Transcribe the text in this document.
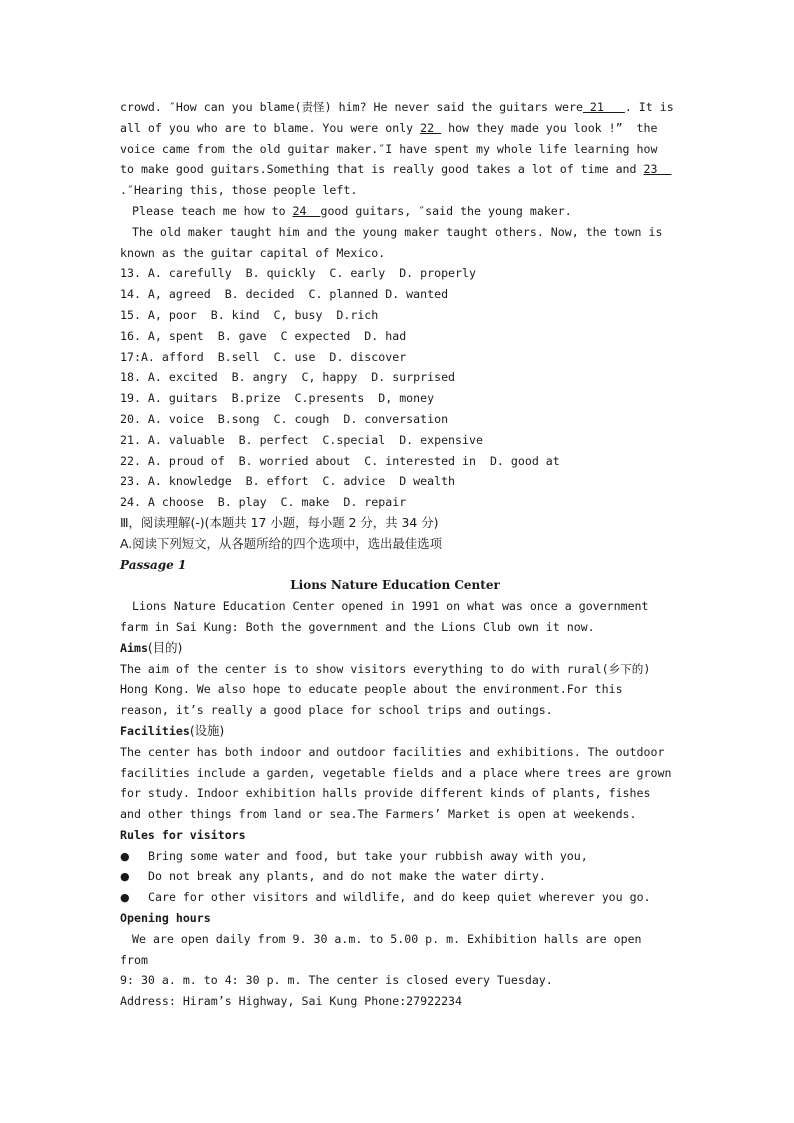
crowd. ″How can you blame(责怪) him? He never said the guitars were 21   . It is
all of you who are to blame. You were only 22  how they made you look !”  the
voice came from the old guitar maker.″I have spent my whole life learning how
to make good guitars.Something that is really good takes a lot of time and 23
.″Hearing this, those people left.
Please teach me how to 24  good guitars, ″said the young maker.
The old maker taught him and the young maker taught others. Now, the town is
known as the guitar capital of Mexico.
13. A. carefully  B. quickly  C. early  D. properly
14. A, agreed  B. decided  C. planned D. wanted
15. A, poor  B. kind  C, busy  D.rich
16. A, spent  B. gave  C expected  D. had
17:A. afford  B.sell  C. use  D. discover
18. A. excited  B. angry  C, happy  D. surprised
19. A. guitars  B.prize  C.presents  D, money
20. A. voice  B.song  C. cough  D. conversation
21. A. valuable  B. perfect  C.special  D. expensive
22. A. proud of  B. worried about  C. interested in  D. good at
23. A. knowledge  B. effort  C. advice  D wealth
24. A choose  B. play  C. make  D. repair
Ⅲ，阅读理解(-)(本题共 17 小题，每小题 2 分，共 34 分)
A.阅读下列短文，从各题所给的四个选项中，选出最佳选项
Passage 1
Lions Nature Education Center
Lions Nature Education Center opened in 1991 on what was once a government
farm in Sai Kung: Both the government and the Lions Club own it now.
Aims(目的)
The aim of the center is to show visitors everything to do with rural(乡下的)
Hong Kong. We also hope to educate people about the environment.For this
reason, it’s really a good place for school trips and outings.
Facilities(设施)
The center has both indoor and outdoor facilities and exhibitions. The outdoor
facilities include a garden, vegetable fields and a place where trees are grown
for study. Indoor exhibition halls provide different kinds of plants, fishes
and other things from land or sea.The Farmers’ Market is open at weekends.
Rules for visitors
● Bring some water and food, but take your rubbish away with you,
● Do not break any plants, and do not make the water dirty.
● Care for other visitors and wildlife, and do keep quiet wherever you go.
Opening hours
We are open daily from 9. 30 a.m. to 5.00 p. m. Exhibition halls are open
from
9: 30 a. m. to 4: 30 p. m. The center is closed every Tuesday.
Address: Hiram’s Highway, Sai Kung Phone:27922234
